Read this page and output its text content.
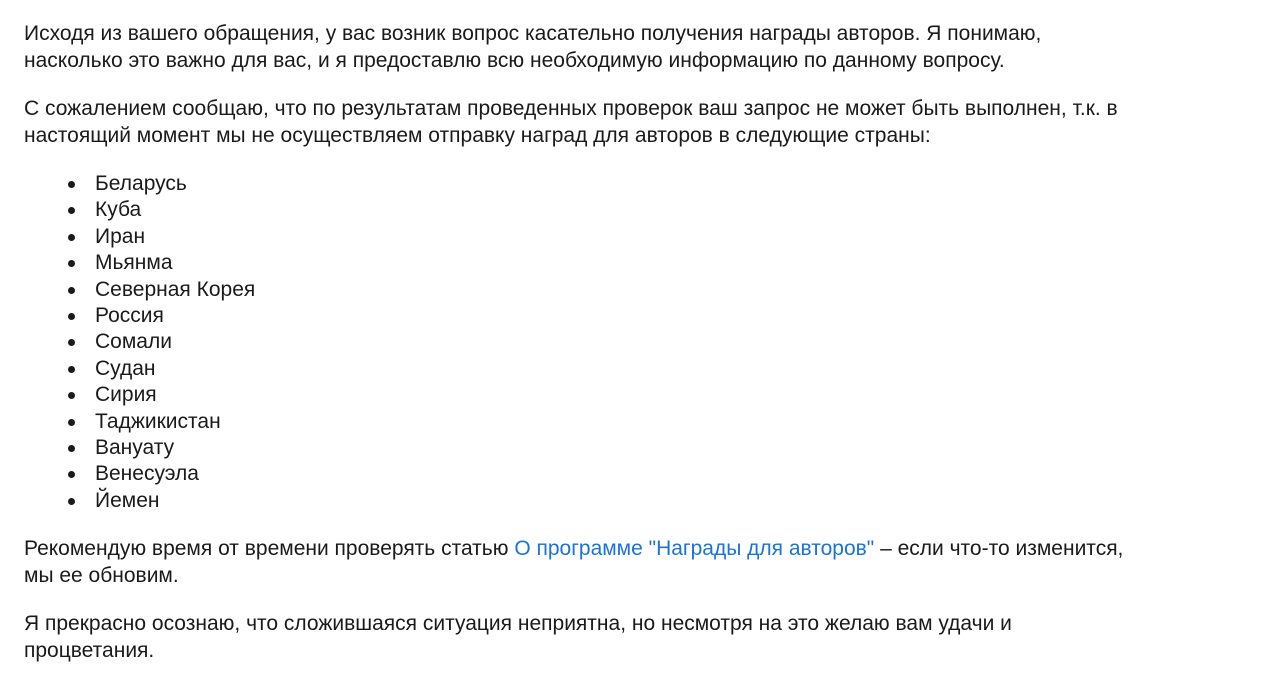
Исходя из вашего обращения, у вас возник вопрос касательно получения награды авторов. Я понимаю,
насколько это важно для вас, и я предоставлю всю необходимую информацию по данному вопросу.

С сожалением сообщаю, что по результатам проведенных проверок ваш запрос не может быть выполнен, т.к. в
настоящий момент мы не осуществляем отправку наград для авторов в следующие страны:

Беларусь
Куба
Иран
Мьянма
Северная Корея
Россия
Сомали
Судан
Сирия
Таджикистан
Вануату
Венесуэла
Йемен

Рекомендую время от времени проверять статью О программе "Награды для авторов" – если что-то изменится,
мы ее обновим.

Я прекрасно осознаю, что сложившаяся ситуация неприятна, но несмотря на это желаю вам удачи и
процветания.
